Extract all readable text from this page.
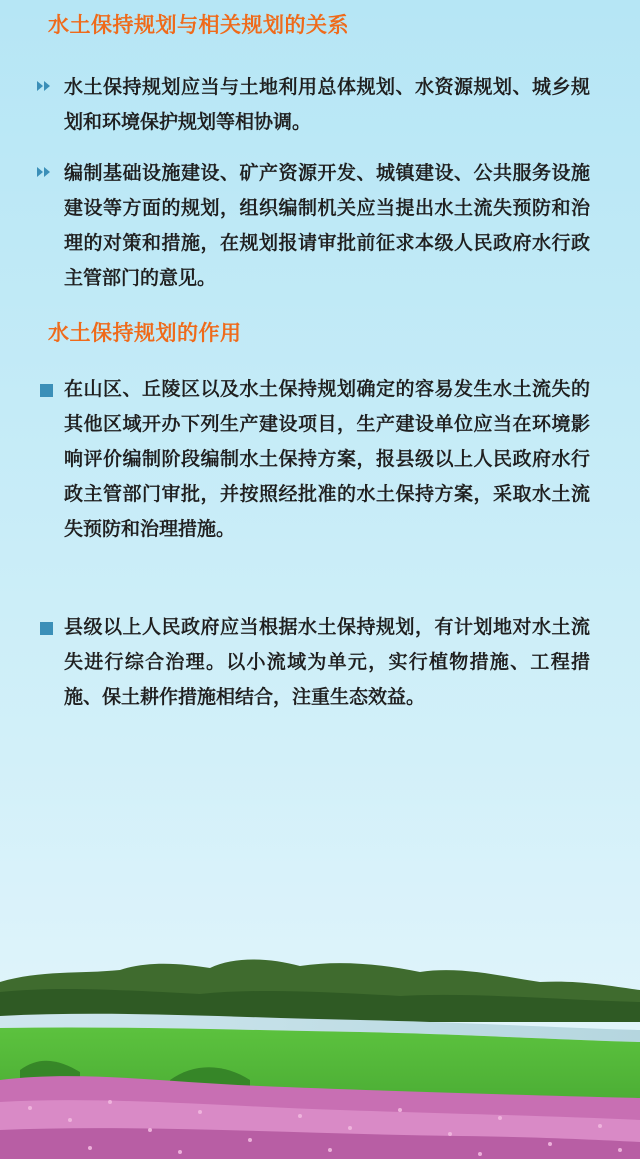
水土保持规划与相关规划的关系

水土保持规划应当与土地利用总体规划、水资源规划、城乡规划和环境保护规划等相协调。

编制基础设施建设、矿产资源开发、城镇建设、公共服务设施建设等方面的规划，组织编制机关应当提出水土流失预防和治理的对策和措施，在规划报请审批前征求本级人民政府水行政主管部门的意见。

水土保持规划的作用

在山区、丘陵区以及水土保持规划确定的容易发生水土流失的其他区域开办下列生产建设项目，生产建设单位应当在环境影响评价编制阶段编制水土保持方案，报县级以上人民政府水行政主管部门审批，并按照经批准的水土保持方案，采取水土流失预防和治理措施。

县级以上人民政府应当根据水土保持规划，有计划地对水土流失进行综合治理。以小流域为单元，实行植物措施、工程措施、保土耕作措施相结合，注重生态效益。
